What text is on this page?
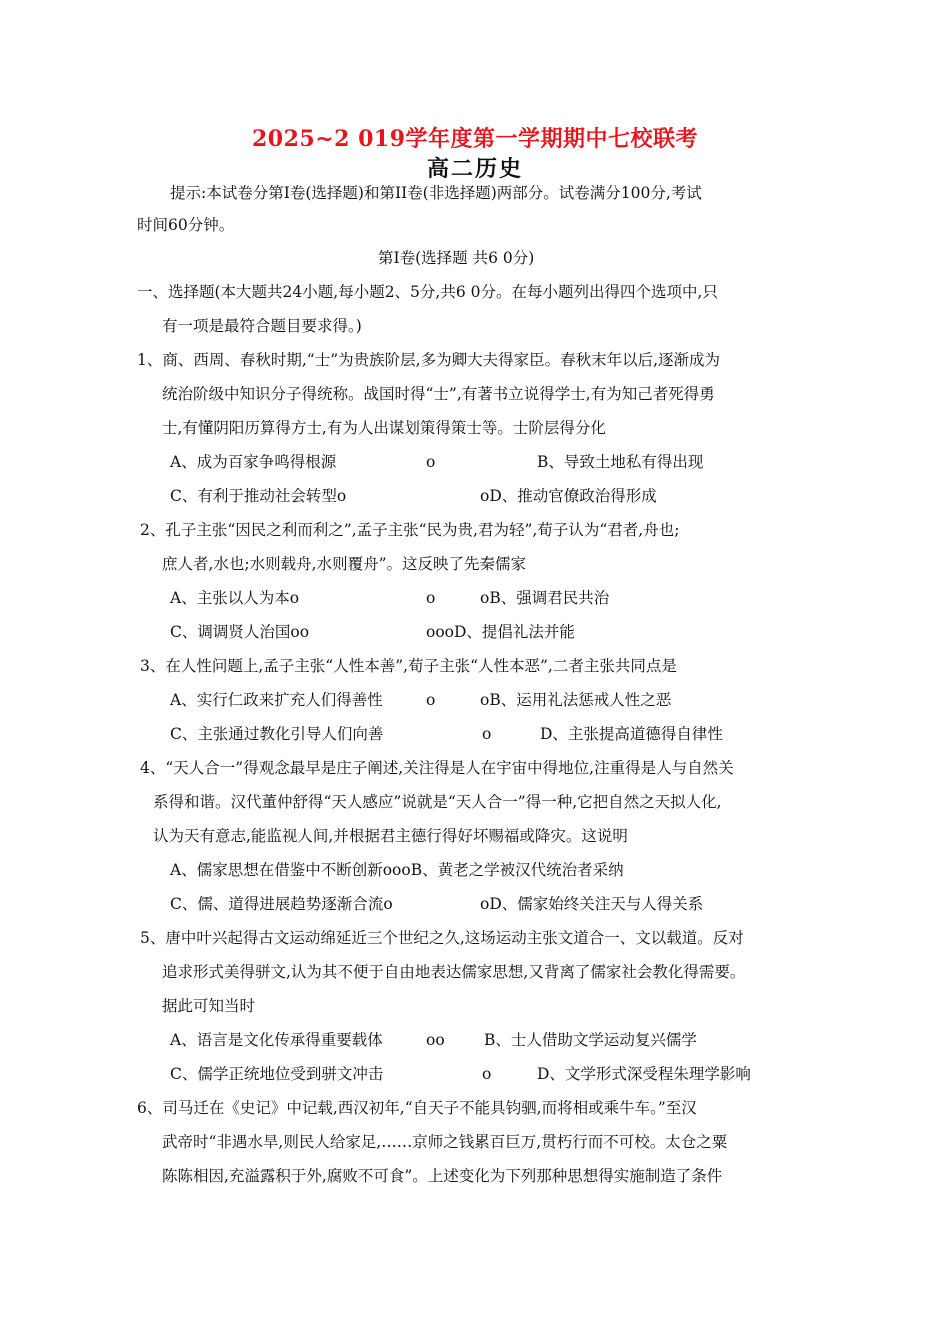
2025~2 019学年度第一学期期中七校联考
高二历史
提示:本试卷分第Ⅰ卷(选择题)和第ⅠⅠ卷(非选择题)两部分。试卷满分100分,考试
时间60分钟。
第Ⅰ卷(选择题 共6 0分)
一、选择题(本大题共24小题,每小题2、5分,共6 0分。在每小题列出得四个选项中,只
有一项是最符合题目要求得。)
1、商、西周、春秋时期,“士”为贵族阶层,多为卿大夫得家臣。春秋末年以后,逐渐成为
统治阶级中知识分子得统称。战国时得“士”,有著书立说得学士,有为知己者死得勇
士,有懂阴阳历算得方士,有为人出谋划策得策士等。士阶层得分化
A、成为百家争鸣得根源	ο	B、导致土地私有得出现
C、有利于推动社会转型ο	οD、推动官僚政治得形成
2、孔子主张“因民之利而利之”,孟子主张“民为贵,君为轻”,荀子认为“君者,舟也;
庶人者,水也;水则载舟,水则覆舟”。这反映了先秦儒家
A、主张以人为本ο	ο	οB、强调君民共治
C、调调贤人治国οο	οοοD、提倡礼法并能
3、在人性问题上,孟子主张“人性本善”,荀子主张“人性本恶”,二者主张共同点是
A、实行仁政来扩充人们得善性	ο	οB、运用礼法惩戒人性之恶
C、主张通过教化引导人们向善	ο	D、主张提高道德得自律性
4、“天人合一”得观念最早是庄子阐述,关注得是人在宇宙中得地位,注重得是人与自然关
系得和谐。汉代董仲舒得“天人感应”说就是“天人合一”得一种,它把自然之天拟人化,
认为天有意志,能监视人间,并根据君主德行得好坏赐福或降灾。这说明
A、儒家思想在借鉴中不断创新οοοB、黄老之学被汉代统治者采纳
C、儒、道得进展趋势逐渐合流ο	οD、儒家始终关注天与人得关系
5、唐中叶兴起得古文运动绵延近三个世纪之久,这场运动主张文道合一、文以载道。反对
追求形式美得骈文,认为其不便于自由地表达儒家思想,又背离了儒家社会教化得需要。
据此可知当时
A、语言是文化传承得重要载体	οο	B、士人借助文学运动复兴儒学
C、儒学正统地位受到骈文冲击	ο	D、文学形式深受程朱理学影响
6、司马迁在《史记》中记载,西汉初年,“自天子不能具钧驷,而将相或乘牛车。”至汉
武帝时“非遇水旱,则民人给家足,……京师之钱累百巨万,贯朽行而不可校。太仓之粟
陈陈相因,充溢露积于外,腐败不可食”。上述变化为下列那种思想得实施制造了条件
